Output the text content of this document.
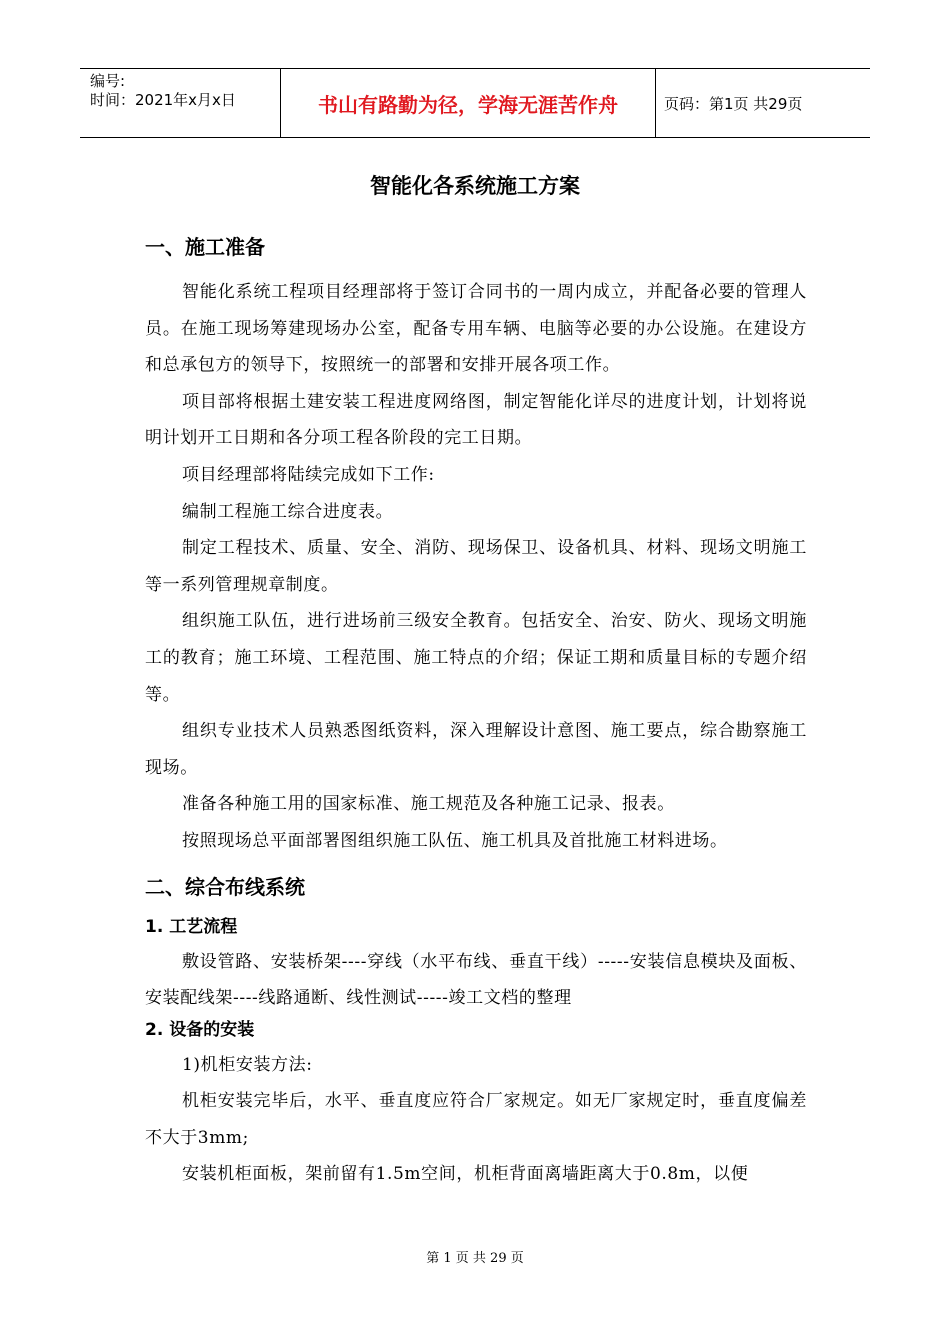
编号:
时间：2021年x月x日	书山有路勤为径，学海无涯苦作舟	页码：第1页 共29页
智能化各系统施工方案
一、施工准备

智能化系统工程项目经理部将于签订合同书的一周内成立，并配备必要的管理人员。在施工现场筹建现场办公室，配备专用车辆、电脑等必要的办公设施。在建设方和总承包方的领导下，按照统一的部署和安排开展各项工作。

项目部将根据土建安装工程进度网络图，制定智能化详尽的进度计划，计划将说明计划开工日期和各分项工程各阶段的完工日期。

项目经理部将陆续完成如下工作:

编制工程施工综合进度表。

制定工程技术、质量、安全、消防、现场保卫、设备机具、材料、现场文明施工等一系列管理规章制度。

组织施工队伍，进行进场前三级安全教育。包括安全、治安、防火、现场文明施工的教育；施工环境、工程范围、施工特点的介绍；保证工期和质量目标的专题介绍等。

组织专业技术人员熟悉图纸资料，深入理解设计意图、施工要点，综合勘察施工现场。

准备各种施工用的国家标准、施工规范及各种施工记录、报表。

按照现场总平面部署图组织施工队伍、施工机具及首批施工材料进场。

二、综合布线系统
1. 工艺流程

敷设管路、安装桥架----穿线（水平布线、垂直干线）-----安装信息模块及面板、安装配线架----线路通断、线性测试-----竣工文档的整理

2. 设备的安装

1)机柜安装方法:

机柜安装完毕后，水平、垂直度应符合厂家规定。如无厂家规定时，垂直度偏差不大于3mm;

安装机柜面板，架前留有1.5m空间，机柜背面离墙距离大于0.8m，以便

第 1 页 共 29 页
